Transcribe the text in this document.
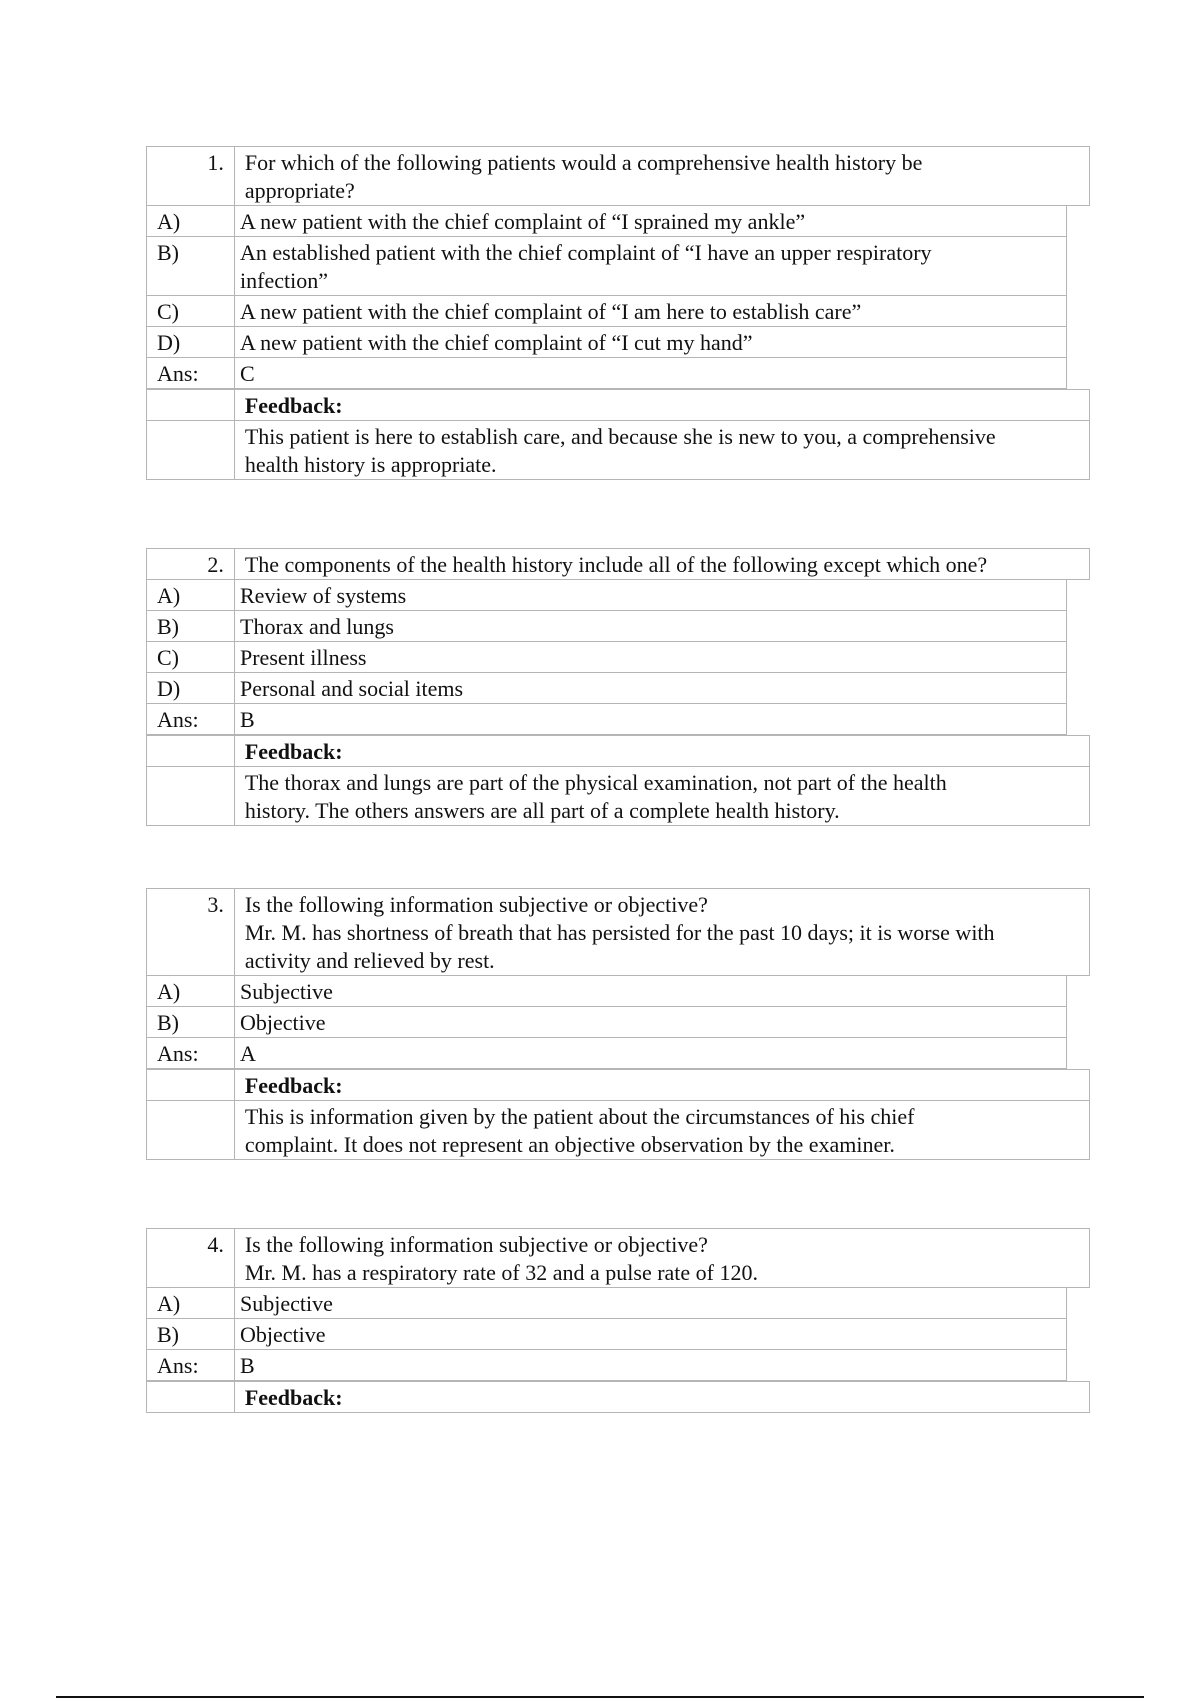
1. For which of the following patients would a comprehensive health history be
appropriate?
A)	A new patient with the chief complaint of “I sprained my ankle”
B)	An established patient with the chief complaint of “I have an upper respiratory
infection”
C)	A new patient with the chief complaint of “I am here to establish care”
D)	A new patient with the chief complaint of “I cut my hand”
Ans:	C
Feedback:
This patient is here to establish care, and because she is new to you, a comprehensive
health history is appropriate.
2. The components of the health history include all of the following except which one?
A)	Review of systems
B)	Thorax and lungs
C)	Present illness
D)	Personal and social items
Ans:	B
Feedback:
The thorax and lungs are part of the physical examination, not part of the health
history. The others answers are all part of a complete health history.
3. Is the following information subjective or objective?
Mr. M. has shortness of breath that has persisted for the past 10 days; it is worse with
activity and relieved by rest.
A)	Subjective
B)	Objective
Ans:	A
Feedback:
This is information given by the patient about the circumstances of his chief
complaint. It does not represent an objective observation by the examiner.
4. Is the following information subjective or objective?
Mr. M. has a respiratory rate of 32 and a pulse rate of 120.
A)	Subjective
B)	Objective
Ans:	B
Feedback:
